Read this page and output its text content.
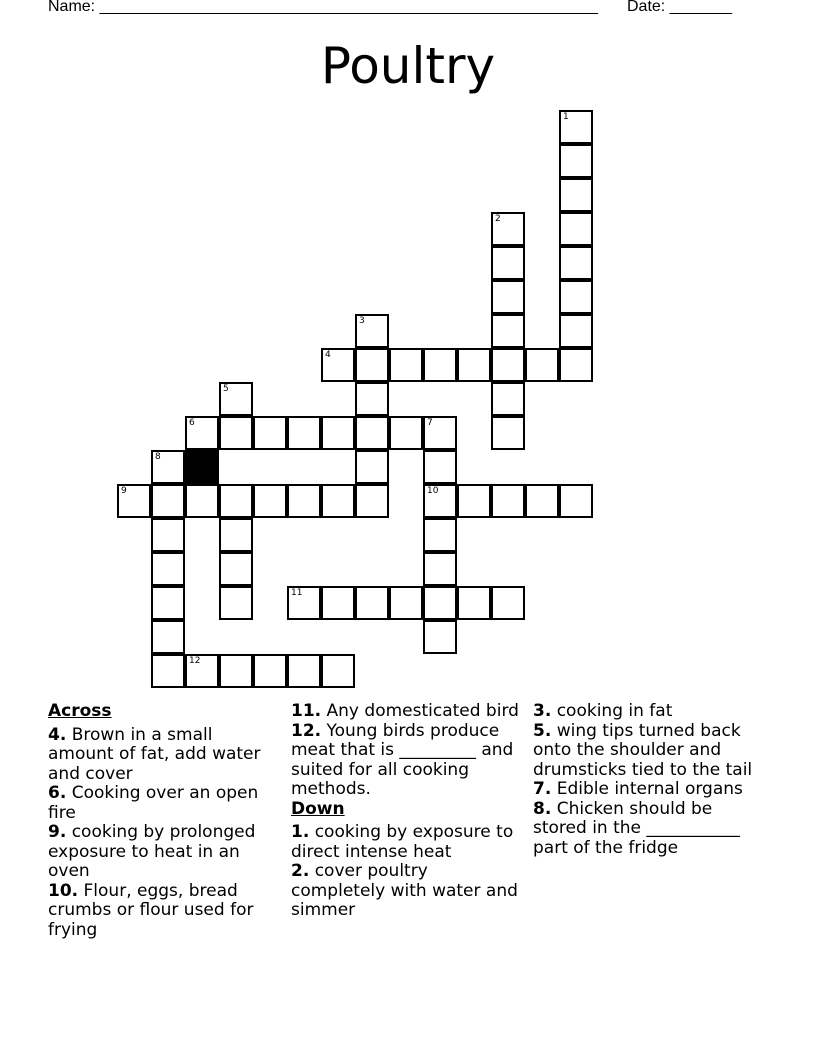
Name: ________________________________________________________ Date: _______
Poultry
1
2
3
4
5
6	7
10
8
9
11
12
Across
4. Brown in a small amount of fat, add water and cover
6. Cooking over an open fire
9. cooking by prolonged exposure to heat in an oven
10. Flour, eggs, bread crumbs or flour used for frying
11. Any domesticated bird
12. Young birds produce meat that is _________ and suited for all cooking methods.
Down
1. cooking by exposure to direct intense heat
2. cover poultry completely with water and simmer
3. cooking in fat
5. wing tips turned back onto the shoulder and drumsticks tied to the tail
7. Edible internal organs
8. Chicken should be stored in the ___________ part of the fridge
